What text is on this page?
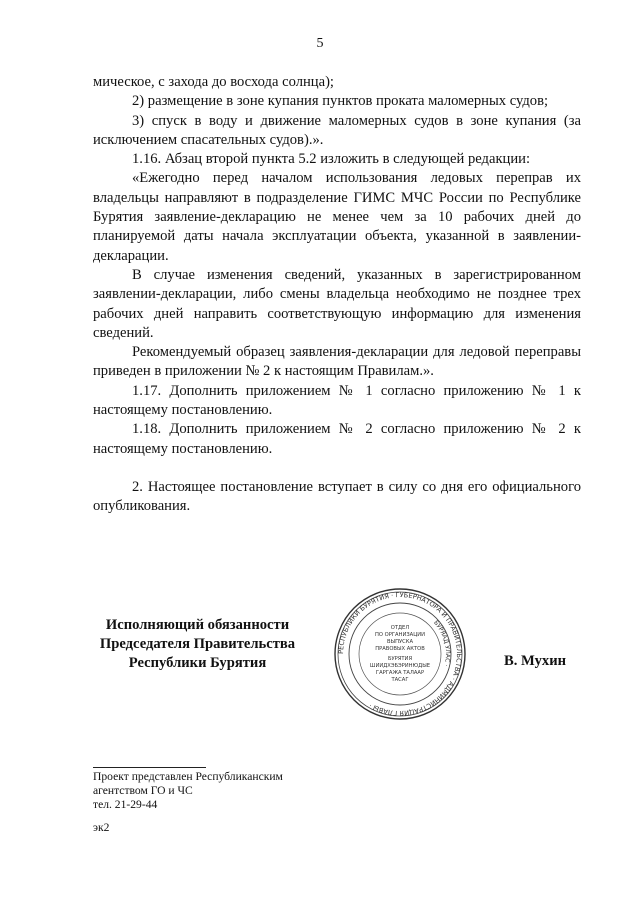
5

мическое, с захода до восхода солнца);

2) размещение в зоне купания пунктов проката маломерных судов;

3) спуск в воду и движение маломерных судов в зоне купания (за исключением спасательных судов).».

1.16. Абзац второй пункта 5.2 изложить в следующей редакции:

«Ежегодно перед началом использования ледовых переправ их владельцы направляют в подразделение ГИМС МЧС России по Республике Бурятия заявление-декларацию не менее чем за 10 рабочих дней до планируемой даты начала эксплуатации объекта, указанной в заявлении-декларации.

В случае изменения сведений, указанных в зарегистрированном заявлении-декларации, либо смены владельца необходимо не позднее трех рабочих дней направить соответствующую информацию для изменения сведений.

Рекомендуемый образец заявления-декларации для ледовой переправы приведен в приложении № 2 к настоящим Правилам.».

1.17. Дополнить приложением № 1 согласно приложению № 1 к настоящему постановлению.

1.18. Дополнить приложением № 2 согласно приложению № 2 к настоящему постановлению.

2. Настоящее постановление вступает в силу со дня его официального опубликования.

Исполняющий обязанности
Председателя Правительства
Республики Бурятия
РЕСПУБЛИКИ БУРЯТИЯ · ГУБЕРНАТОРА И ПРАВИТЕЛЬСТВА · АДМИНИСТРАЦИЯ ГЛАВЫ ·
БУРЯАД УЛАС ·
ОТДЕЛ
ПО ОРГАНИЗАЦИИ
ВЫПУСКА
ПРАВОВЫХ АКТОВ
БУРЯТИЯ
ШИИДХЭБЭРИНЮДЫЕ
ГАРГАЖА ТАЛААР
ТАСАГ
В. Мухин

Проект представлен Республиканским

агентством ГО и ЧС

тел. 21-29-44

эк2
